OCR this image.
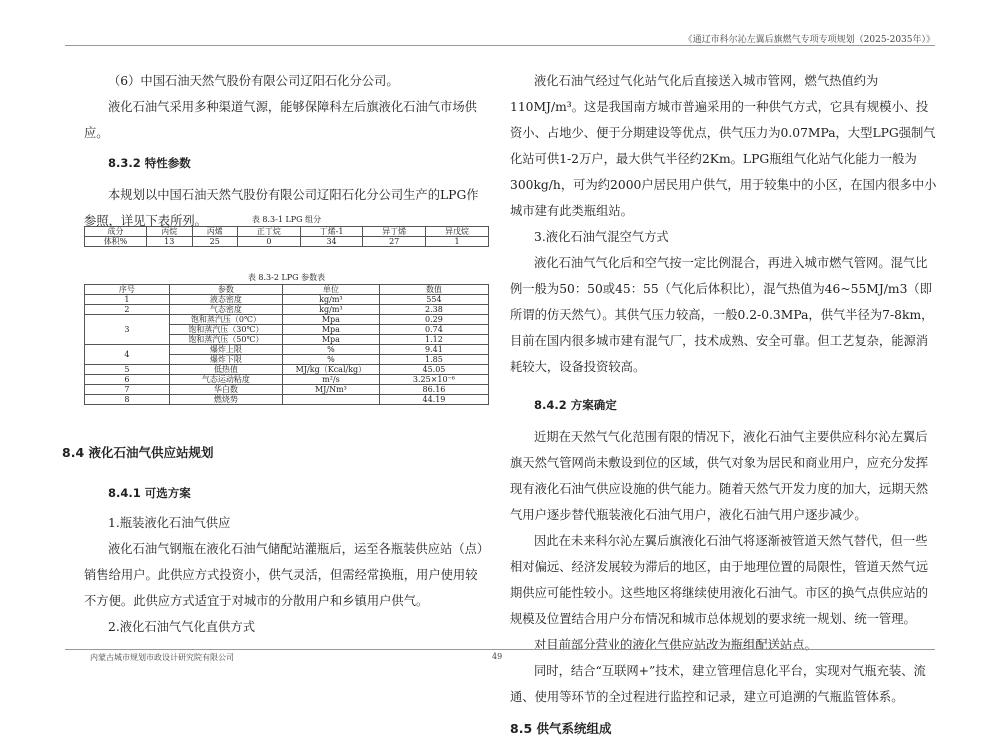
《通辽市科尔沁左翼后旗燃气专项专项规划（2025-2035年）》

（6）中国石油天然气股份有限公司辽阳石化分公司。

液化石油气采用多种渠道气源，能够保障科左后旗液化石油气市场供应。

8.3.2 特性参数

本规划以中国石油天然气股份有限公司辽阳石化分公司生产的LPG作参照，详见下表所列。	表 8.3-1 LPG 组分
成分	丙烷	丙烯	正丁烷	丁烯-1	异丁烯	异戊烷
体积%	13	25	0	34	27	1
表 8.3-2 LPG 参数表
序号	参数	单位	数值
1	液态密度	kg/m³	554
2	气态密度	kg/m³	2.38
3	饱和蒸汽压（0℃）	Mpa	0.29
	饱和蒸汽压（30℃）	Mpa	0.74
	饱和蒸汽压（50℃）	Mpa	1.12
4	爆炸上限	%	9.41
	爆炸下限	%	1.85
5	低热值	MJ/kg（Kcal/kg）	45.05
6	气态运动粘度	m²/s	3.25×10⁻⁶
7	华白数	MJ/Nm³	86.16
8	燃烧势		44.19

8.4 液化石油气供应站规划

8.4.1 可选方案

1.瓶装液化石油气供应

液化石油气钢瓶在液化石油气储配站灌瓶后，运至各瓶装供应站（点）销售给用户。此供应方式投资小，供气灵活，但需经常换瓶，用户使用较不方便。此供应方式适宜于对城市的分散用户和乡镇用户供气。

2.液化石油气气化直供方式

液化石油气经过气化站气化后直接送入城市管网，燃气热值约为110MJ/m³。这是我国南方城市普遍采用的一种供气方式，它具有规模小、投资小、占地少、便于分期建设等优点，供气压力为0.07MPa，大型LPG强制气化站可供1-2万户，最大供气半径约2Km。LPG瓶组气化站气化能力一般为300kg/h，可为约2000户居民用户供气，用于较集中的小区，在国内很多中小城市建有此类瓶组站。

3.液化石油气混空气方式

液化石油气气化后和空气按一定比例混合，再进入城市燃气管网。混气比例一般为50：50或45：55（气化后体积比），混气热值为46~55MJ/m3（即所谓的仿天然气）。其供气压力较高，一般0.2-0.3MPa，供气半径为7-8km，目前在国内很多城市建有混气厂，技术成熟、安全可靠。但工艺复杂，能源消耗较大，设备投资较高。

8.4.2 方案确定

近期在天然气气化范围有限的情况下，液化石油气主要供应科尔沁左翼后旗天然气管网尚未敷设到位的区域，供气对象为居民和商业用户，应充分发挥现有液化石油气供应设施的供气能力。随着天然气开发力度的加大，远期天然气用户逐步替代瓶装液化石油气用户，液化石油气用户逐步减少。

因此在未来科尔沁左翼后旗液化石油气将逐渐被管道天然气替代，但一些相对偏远、经济发展较为滞后的地区，由于地理位置的局限性，管道天然气远期供应可能性较小。这些地区将继续使用液化石油气。市区的换气点供应站的规模及位置结合用户分布情况和城市总体规划的要求统一规划、统一管理。

对目前部分营业的液化气供应站改为瓶组配送站点。

同时，结合“互联网+”技术，建立管理信息化平台，实现对气瓶充装、流通、使用等环节的全过程进行监控和记录，建立可追溯的气瓶监管体系。

8.5 供气系统组成

内蒙古城市规划市政设计研究院有限公司	49
